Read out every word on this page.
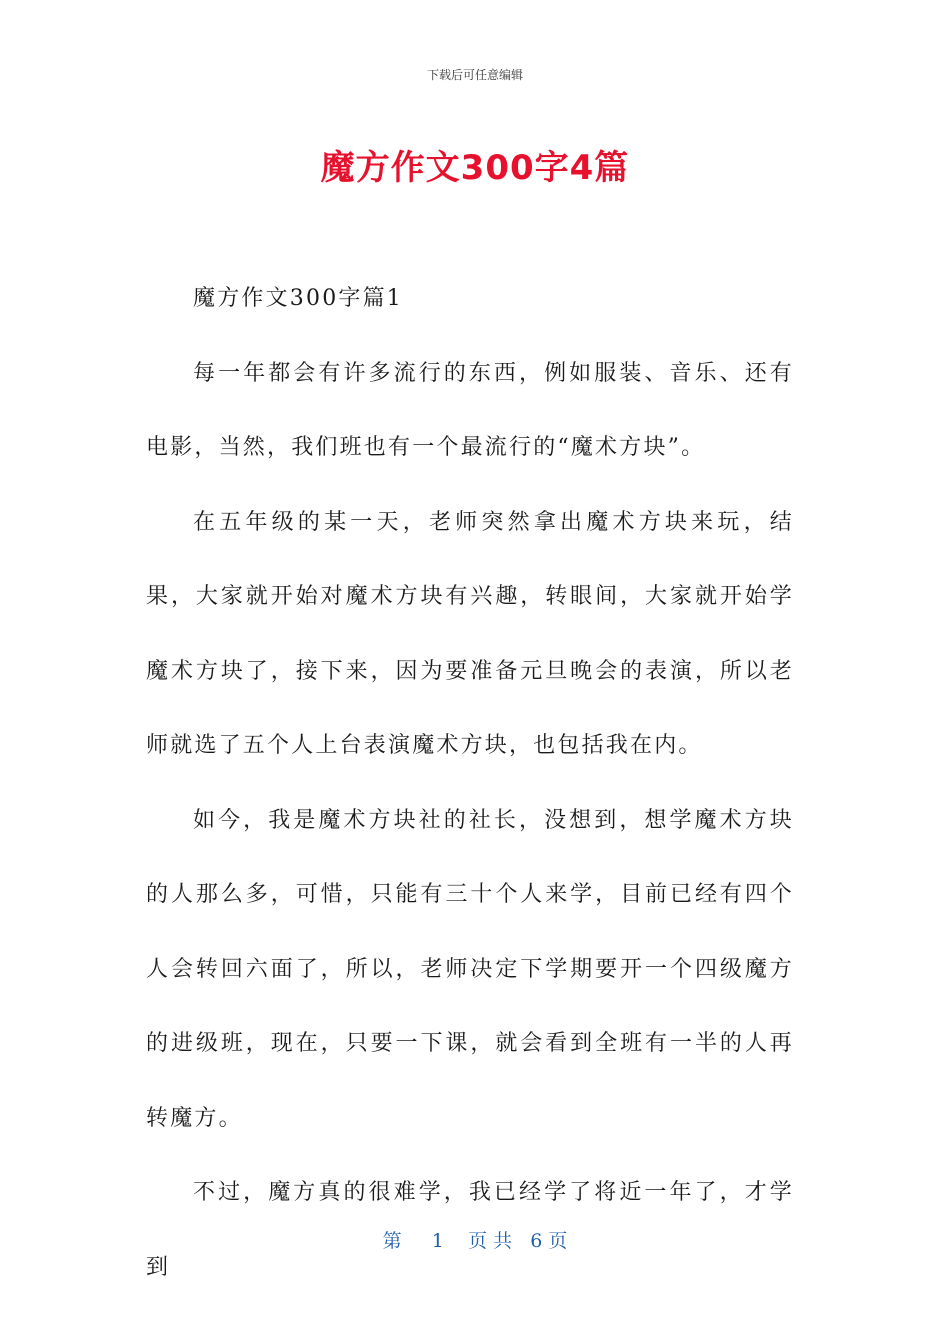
下载后可任意编辑
魔方作文300字4篇

魔方作文300字篇1

每一年都会有许多流行的东西，例如服装、音乐、还有电影，当然，我们班也有一个最流行的“魔术方块”。

在五年级的某一天，老师突然拿出魔术方块来玩，结果，大家就开始对魔术方块有兴趣，转眼间，大家就开始学魔术方块了，接下来，因为要准备元旦晚会的表演，所以老师就选了五个人上台表演魔术方块，也包括我在内。

如今，我是魔术方块社的社长，没想到，想学魔术方块的人那么多，可惜，只能有三十个人来学，目前已经有四个人会转回六面了，所以，老师决定下学期要开一个四级魔方的进级班，现在，只要一下课，就会看到全班有一半的人再转魔方。

不过，魔方真的很难学，我已经学了将近一年了，才学到

第 1 页 共 6 页
